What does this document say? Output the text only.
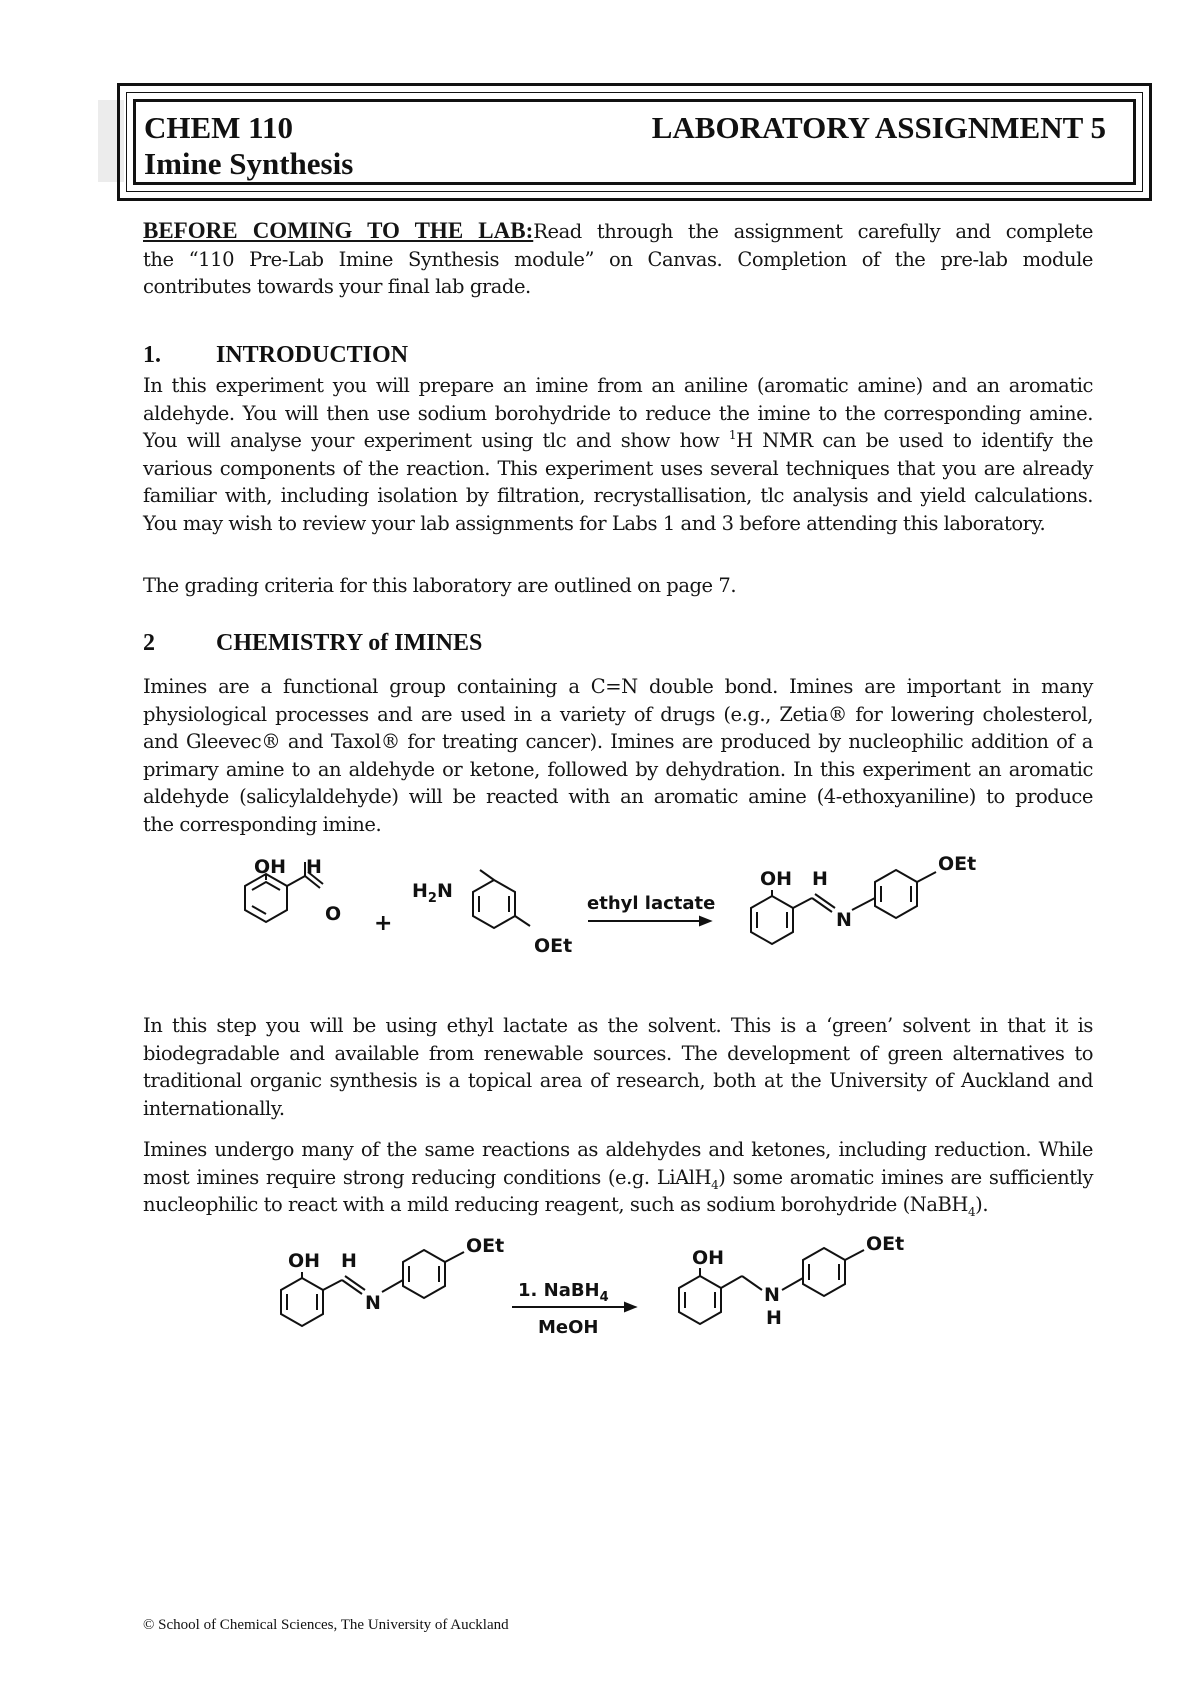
CHEM 110	LABORATORY ASSIGNMENT 5
Imine Synthesis
BEFORE COMING TO THE LAB:Read through the assignment carefully and complete
the “110 Pre-Lab Imine Synthesis module” on Canvas. Completion of the pre-lab module
contributes towards your final lab grade.
1. INTRODUCTION
In this experiment you will prepare an imine from an aniline (aromatic amine) and an aromatic
aldehyde. You will then use sodium borohydride to reduce the imine to the corresponding amine.
You will analyse your experiment using tlc and show how $^1$H NMR can be used to identify the
various components of the reaction. This experiment uses several techniques that you are already
familiar with, including isolation by filtration, recrystallisation, tlc analysis and yield calculations.
You may wish to review your lab assignments for Labs 1 and 3 before attending this laboratory.
The grading criteria for this laboratory are outlined on page 7.
2	CHEMISTRY of IMINES
Imines are a functional group containing a C=N double bond. Imines are important in many
physiological processes and are used in a variety of drugs (e.g., Zetia® for lowering cholesterol,
and Gleevec® and Taxol® for treating cancer). Imines are produced by nucleophilic addition of a
primary amine to an aldehyde or ketone, followed by dehydration. In this experiment an aromatic
aldehyde (salicylaldehyde) will be reacted with an aromatic amine (4-ethoxyaniline) to produce
the corresponding imine.
OH H
O +
$H_2N$
OEt
ethyl lactate
OH H
N
OEt
In this step you will be using ethyl lactate as the solvent. This is a ‘green’ solvent in that it is
biodegradable and available from renewable sources. The development of green alternatives to
traditional organic synthesis is a topical area of research, both at the University of Auckland and
internationally.
Imines undergo many of the same reactions as aldehydes and ketones, including reduction. While
most imines require strong reducing conditions (e.g. LiAlH$_4$) some aromatic imines are sufficiently
nucleophilic to react with a mild reducing reagent, such as sodium borohydride (NaBH$_4$).
OH H
N
OEt
1. NaBH$_4$
MeOH
OH
N
H
OEt
© School of Chemical Sciences, The University of Auckland
